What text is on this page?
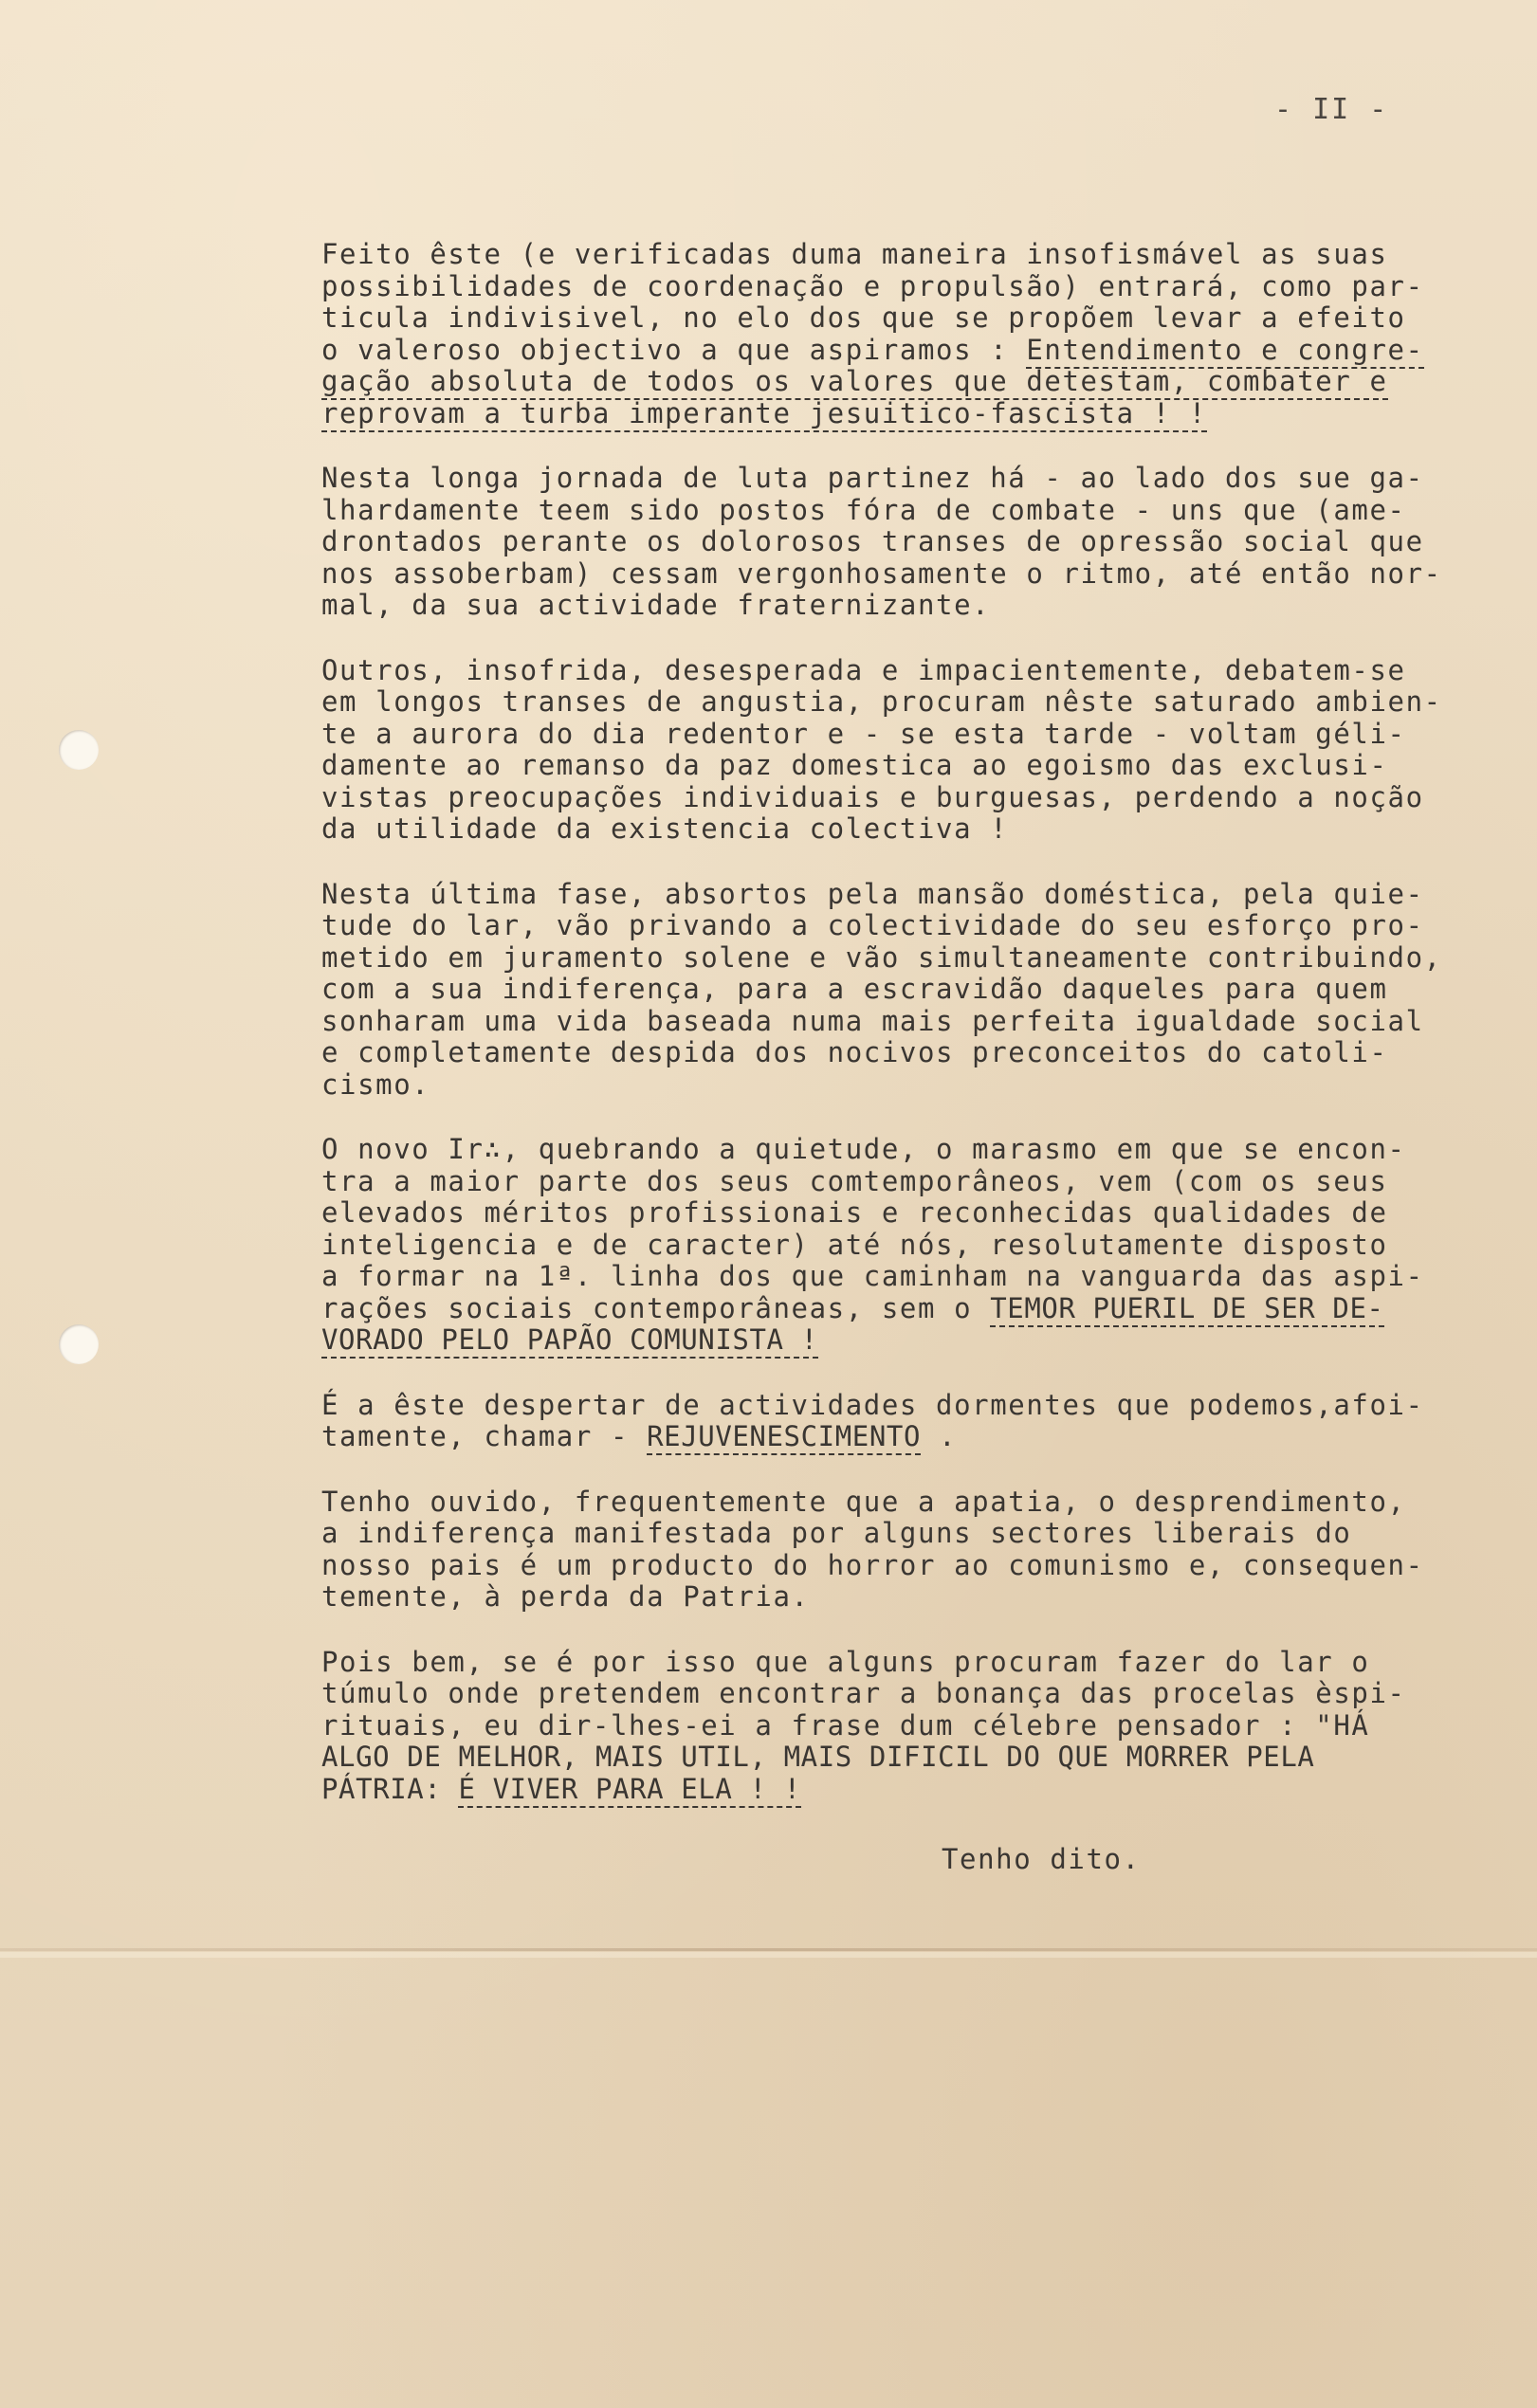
- II -
Feito êste (e verificadas duma maneira insofismável as suas
possibilidades de coordenação e propulsão) entrará, como par-
ticula indivisivel, no elo dos que se propõem levar a efeito
o valeroso objectivo a que aspiramos : Entendimento e congre-
gação absoluta de todos os valores que detestam, combater e
reprovam a turba imperante jesuitico-fascista ! !
Nesta longa jornada de luta partinez há - ao lado dos sue ga-
lhardamente teem sido postos fóra de combate - uns que (ame-
drontados perante os dolorosos transes de opressão social que
nos assoberbam) cessam vergonhosamente o ritmo, até então nor-
mal, da sua actividade fraternizante.
Outros, insofrida, desesperada e impacientemente, debatem-se
em longos transes de angustia, procuram nêste saturado ambien-
te a aurora do dia redentor e - se esta tarde - voltam géli-
damente ao remanso da paz domestica ao egoismo das exclusi-
vistas preocupações individuais e burguesas, perdendo a noção
da utilidade da existencia colectiva !
Nesta última fase, absortos pela mansão doméstica, pela quie-
tude do lar, vão privando a colectividade do seu esforço pro-
metido em juramento solene e vão simultaneamente contribuindo,
com a sua indiferença, para a escravidão daqueles para quem
sonharam uma vida baseada numa mais perfeita igualdade social
e completamente despida dos nocivos preconceitos do catoli-
cismo.
O novo Ir∴, quebrando a quietude, o marasmo em que se encon-
tra a maior parte dos seus comtemporâneos, vem (com os seus
elevados méritos profissionais e reconhecidas qualidades de
inteligencia e de caracter) até nós, resolutamente disposto
a formar na 1ª. linha dos que caminham na vanguarda das aspi-
rações sociais contemporâneas, sem o TEMOR PUERIL DE SER DE-
VORADO PELO PAPÃO COMUNISTA !
É a êste despertar de actividades dormentes que podemos,afoi-
tamente, chamar - REJUVENESCIMENTO .
Tenho ouvido, frequentemente que a apatia, o desprendimento,
a indiferença manifestada por alguns sectores liberais do
nosso pais é um producto do horror ao comunismo e, consequen-
temente, à perda da Patria.
Pois bem, se é por isso que alguns procuram fazer do lar o
túmulo onde pretendem encontrar a bonança das procelas èspi-
rituais, eu dir-lhes-ei a frase dum célebre pensador : "HÁ
ALGO DE MELHOR, MAIS UTIL, MAIS DIFICIL DO QUE MORRER PELA
PÁTRIA: É VIVER PARA ELA ! !
Tenho dito.
